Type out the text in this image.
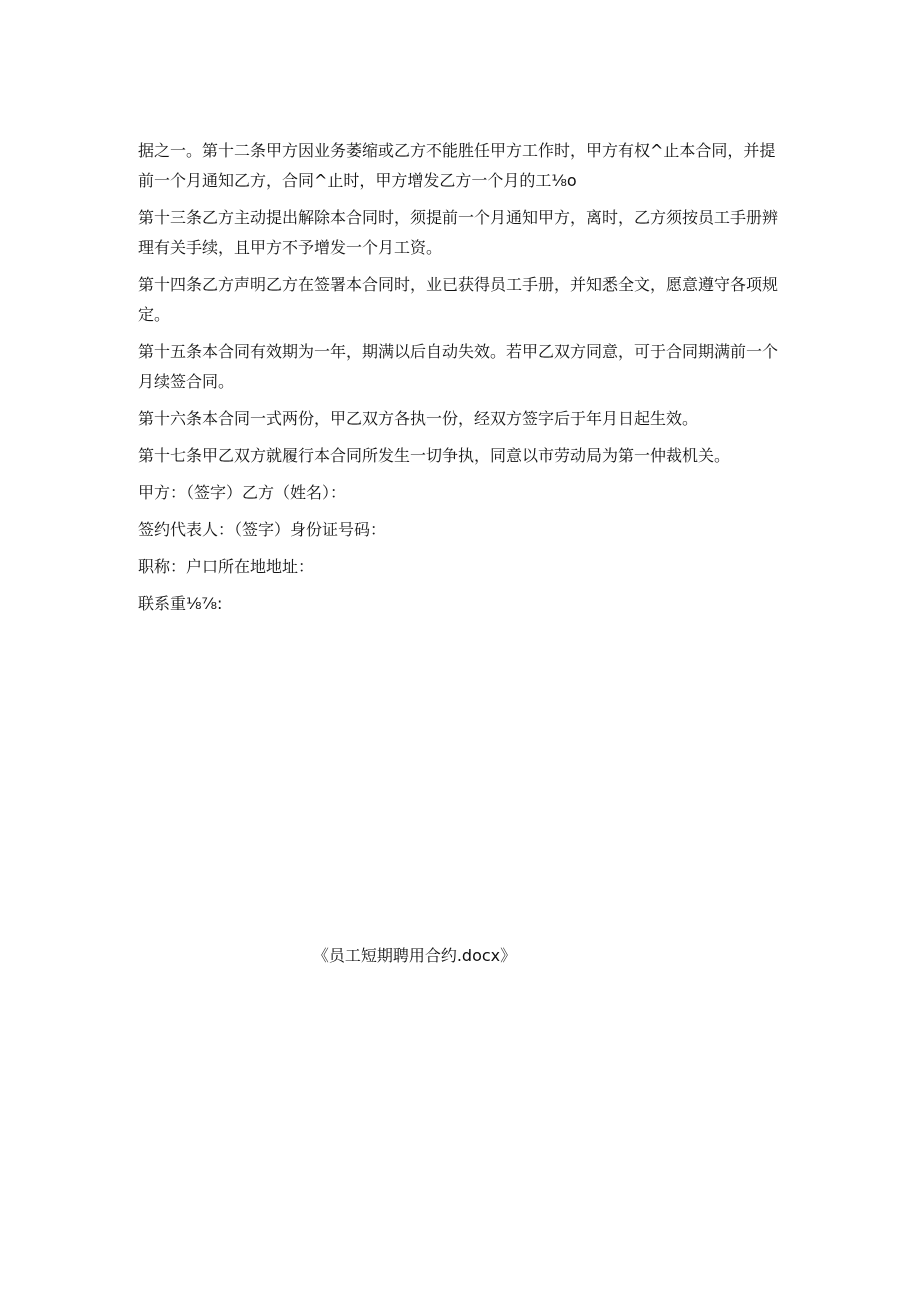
据之一。第十二条甲方因业务萎缩或乙方不能胜任甲方工作时，甲方有权^止本合同，并提前一个月通知乙方，合同^止时，甲方增发乙方一个月的工⅛o

第十三条乙方主动提出解除本合同时，须提前一个月通知甲方，离时，乙方须按员工手册辨理有关手续，且甲方不予增发一个月工资。

第十四条乙方声明乙方在签署本合同时，业已获得员工手册，并知悉全文，愿意遵守各项规定。

第十五条本合同有效期为一年，期满以后自动失效。若甲乙双方同意，可于合同期满前一个月续签合同。

第十六条本合同一式两份，甲乙双方各执一份，经双方签字后于年月日起生效。

第十七条甲乙双方就履行本合同所发生一切争执，同意以市劳动局为第一仲裁机关。

甲方：（签字）乙方（姓名）：

签约代表人：（签字）身份证号码：

职称：户口所在地地址：

联系重⅛⅞:

《员工短期聘用合约.docx》
